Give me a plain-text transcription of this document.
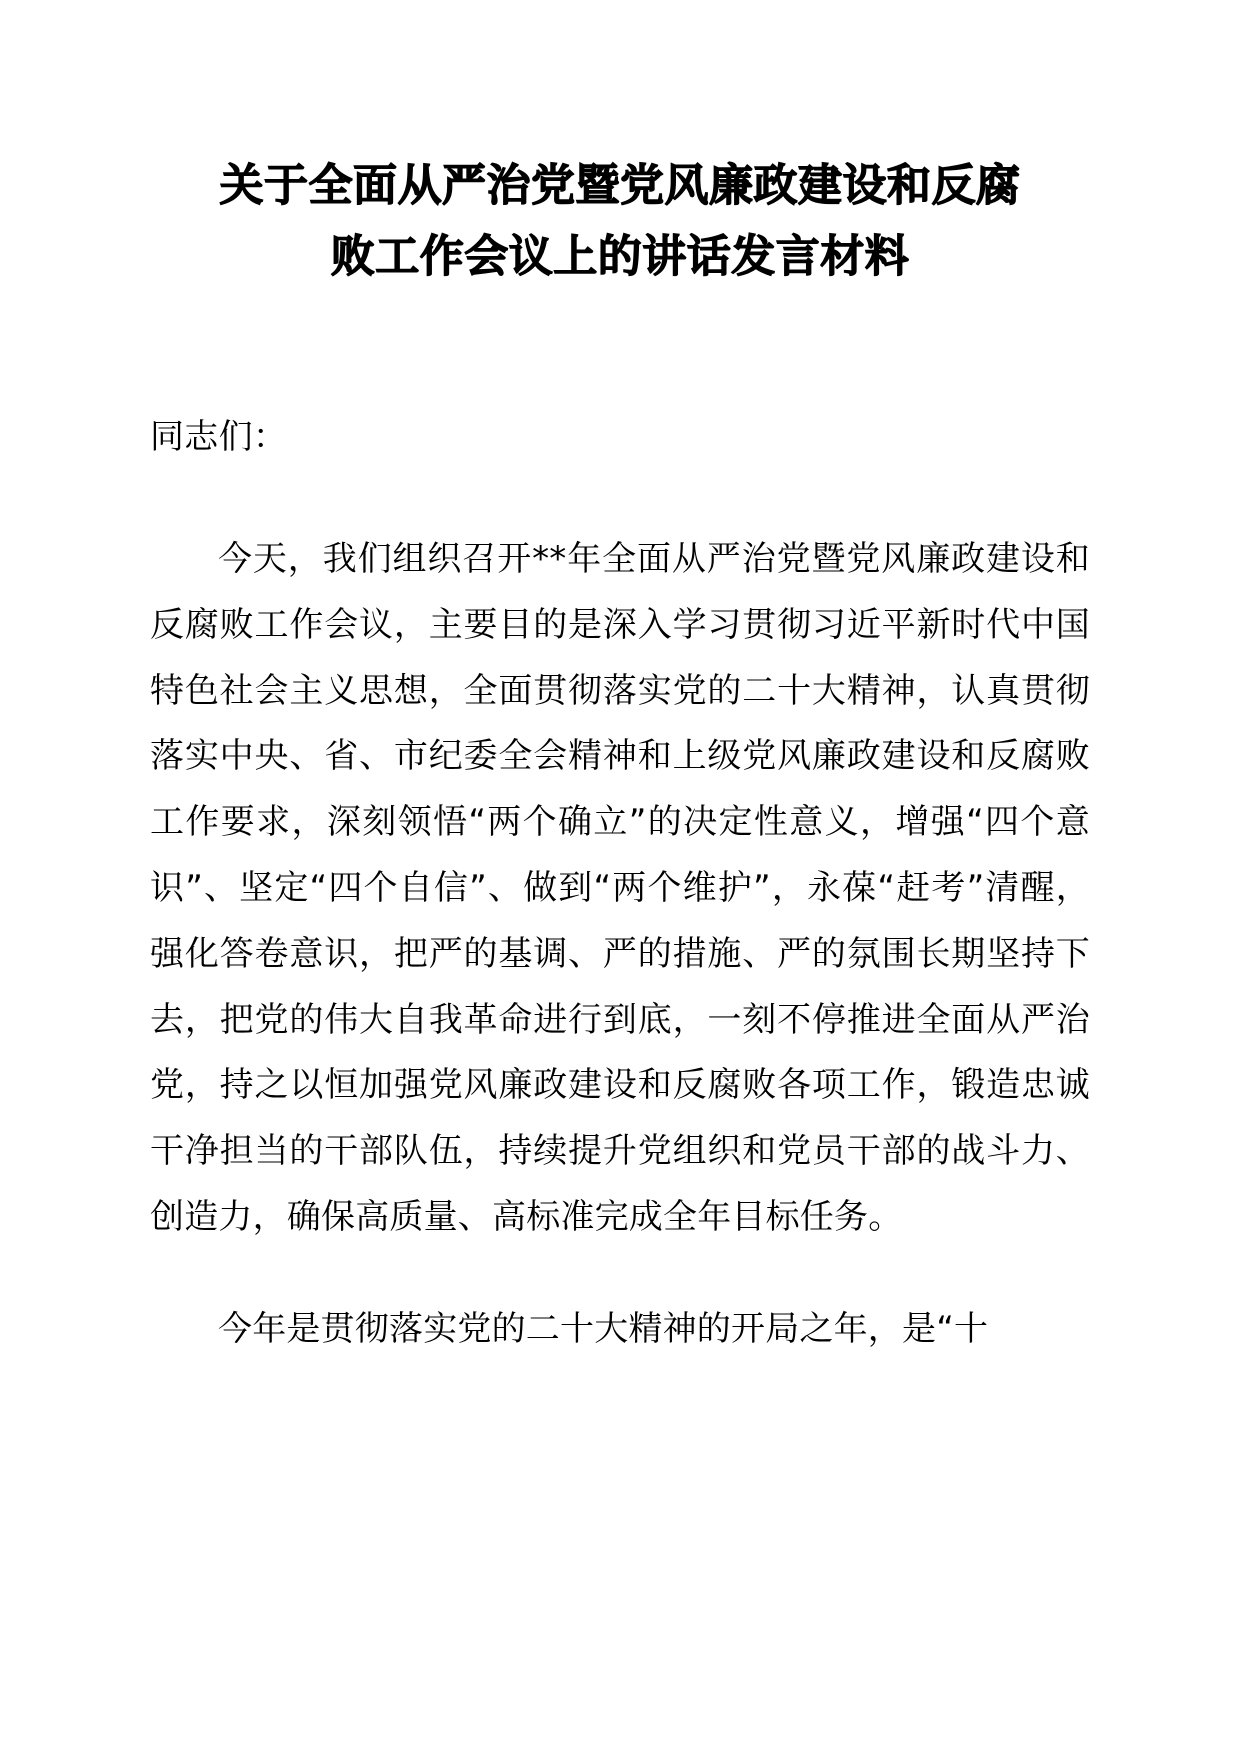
关于全面从严治党暨党风廉政建设和反腐
败工作会议上的讲话发言材料

同志们：

今天，我们组织召开**年全面从严治党暨党风廉政建设和反腐败工作会议，主要目的是深入学习贯彻习近平新时代中国特色社会主义思想，全面贯彻落实党的二十大精神，认真贯彻落实中央、省、市纪委全会精神和上级党风廉政建设和反腐败工作要求，深刻领悟“两个确立”的决定性意义，增强“四个意识”、坚定“四个自信”、做到“两个维护”，永葆“赶考”清醒，强化答卷意识，把严的基调、严的措施、严的氛围长期坚持下去，把党的伟大自我革命进行到底，一刻不停推进全面从严治党，持之以恒加强党风廉政建设和反腐败各项工作，锻造忠诚干净担当的干部队伍，持续提升党组织和党员干部的战斗力、创造力，确保高质量、高标准完成全年目标任务。

今年是贯彻落实党的二十大精神的开局之年，是“十
